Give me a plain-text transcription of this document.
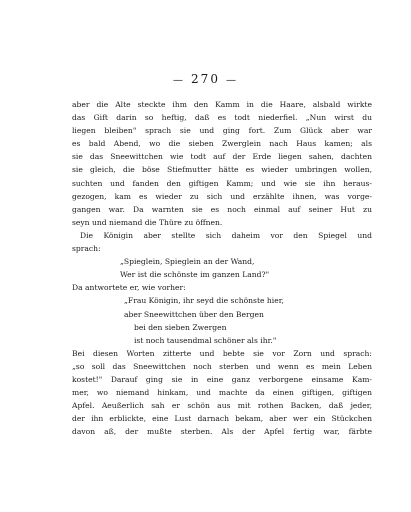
— 270 —
aber die Alte steckte ihm den Kamm in die Haare, alsbald wirkte
das Gift darin so heftig, daß es todt niederfiel. „Nun wirst du
liegen bleiben" sprach sie und ging fort. Zum Glück aber war
es bald Abend, wo die sieben Zwerglein nach Haus kamen; als
sie das Sneewittchen wie todt auf der Erde liegen sahen, dachten
sie gleich, die böse Stiefmutter hätte es wieder umbringen wollen,
suchten und fanden den giftigen Kamm; und wie sie ihn heraus-
gezogen, kam es wieder zu sich und erzählte ihnen, was vorge-
gangen war. Da warnten sie es noch einmal auf seiner Hut zu
seyn und niemand die Thüre zu öffnen.
Die Königin aber stellte sich daheim vor den Spiegel und
sprach:
„Spieglein, Spieglein an der Wand,
Wer ist die schönste im ganzen Land?"
Da antwortete er, wie vorher:
„Frau Königin, ihr seyd die schönste hier,
aber Sneewittchen über den Bergen
bei den sieben Zwergen
ist noch tausendmal schöner als ihr."
Bei diesen Worten zitterte und bebte sie vor Zorn und sprach:
„so soll das Sneewittchen noch sterben und wenn es mein Leben
kostet!" Darauf ging sie in eine ganz verborgene einsame Kam-
mer, wo niemand hinkam, und machte da einen giftigen, giftigen
Apfel. Aeußerlich sah er schön aus mit rothen Backen, daß jeder,
der ihn erblickte, eine Lust darnach bekam, aber wer ein Stückchen
davon aß, der mußte sterben. Als der Apfel fertig war, färbte
